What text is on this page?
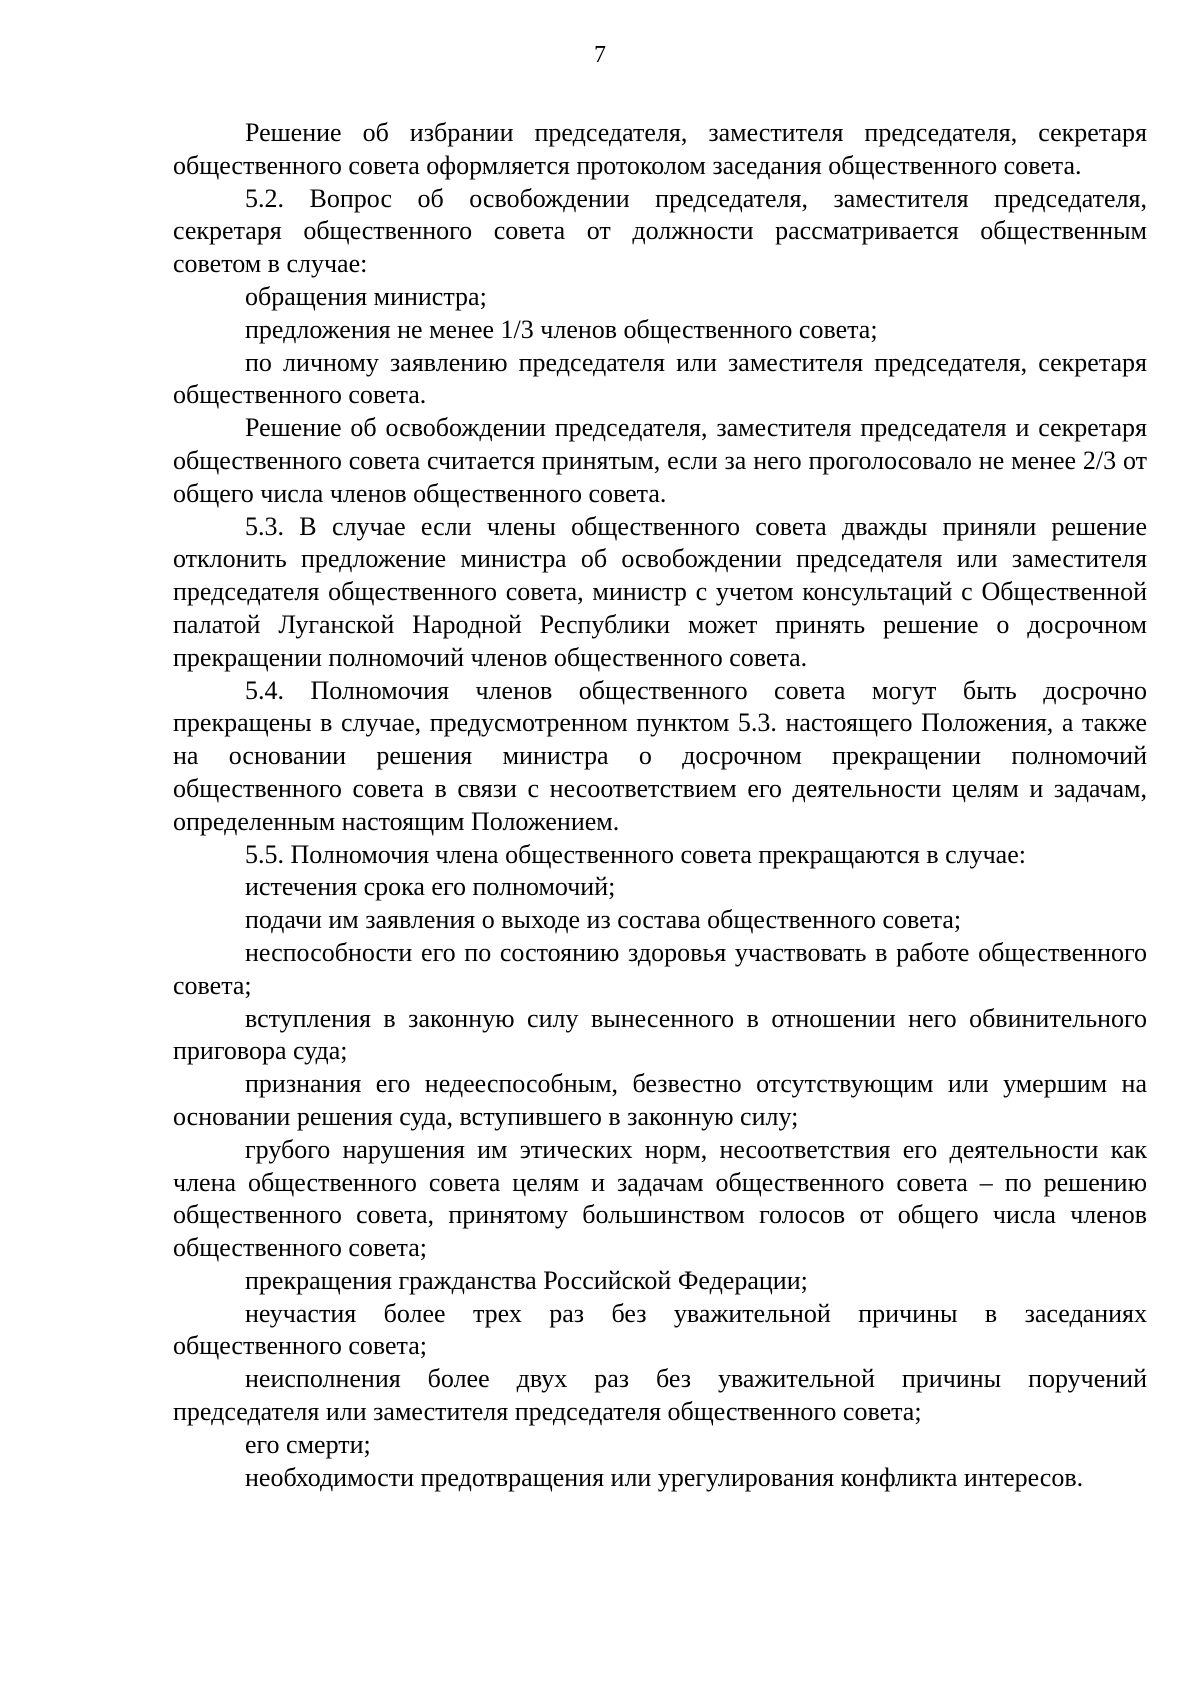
7

Решение об избрании председателя, заместителя председателя, секретаря общественного совета оформляется протоколом заседания общественного совета.

5.2. Вопрос об освобождении председателя, заместителя председателя, секретаря общественного совета от должности рассматривается общественным советом в случае:

обращения министра;

предложения не менее 1/3 членов общественного совета;

по личному заявлению председателя или заместителя председателя, секретаря общественного совета.

Решение об освобождении председателя, заместителя председателя и секретаря общественного совета считается принятым, если за него проголосовало не менее 2/3 от общего числа членов общественного совета.

5.3. В случае если члены общественного совета дважды приняли решение отклонить предложение министра об освобождении председателя или заместителя председателя общественного совета, министр с учетом консультаций с Общественной палатой Луганской Народной Республики может принять решение о досрочном прекращении полномочий членов общественного совета.

5.4. Полномочия членов общественного совета могут быть досрочно прекращены в случае, предусмотренном пунктом 5.3. настоящего Положения, а также на основании решения министра о досрочном прекращении полномочий общественного совета в связи с несоответствием его деятельности целям и задачам, определенным настоящим Положением.

5.5. Полномочия члена общественного совета прекращаются в случае:

истечения срока его полномочий;

подачи им заявления о выходе из состава общественного совета;

неспособности его по состоянию здоровья участвовать в работе общественного совета;

вступления в законную силу вынесенного в отношении него обвинительного приговора суда;

признания его недееспособным, безвестно отсутствующим или умершим на основании решения суда, вступившего в законную силу;

грубого нарушения им этических норм, несоответствия его деятельности как члена общественного совета целям и задачам общественного совета – по решению общественного совета, принятому большинством голосов от общего числа членов общественного совета;

прекращения гражданства Российской Федерации;

неучастия более трех раз без уважительной причины в заседаниях общественного совета;

неисполнения более двух раз без уважительной причины поручений председателя или заместителя председателя общественного совета;

его смерти;

необходимости предотвращения или урегулирования конфликта интересов.
